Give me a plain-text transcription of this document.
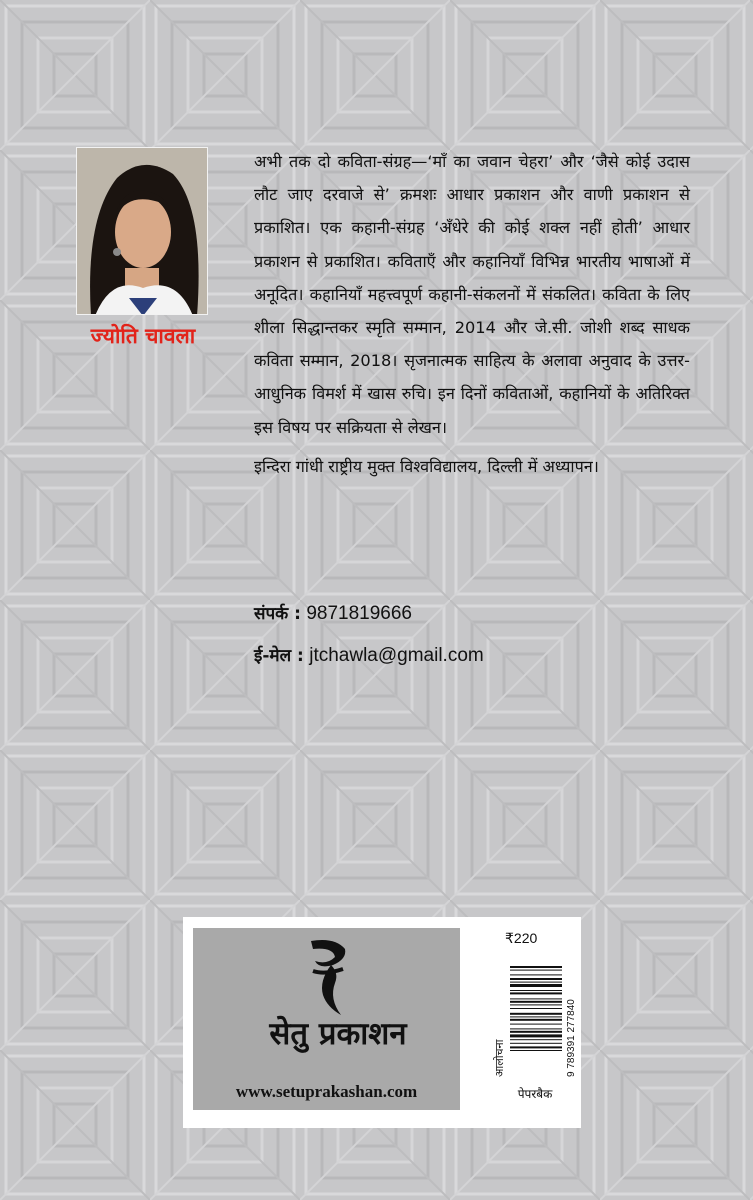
ज्योति चावला

अभी तक दो कविता-संग्रह—‘माँ का जवान चेहरा’ और ‘जैसे कोई उदास लौट जाए दरवाजे से’ क्रमशः आधार प्रकाशन और वाणी प्रकाशन से प्रकाशित। एक कहानी-संग्रह ‘अँधेरे की कोई शक्ल नहीं होती’ आधार प्रकाशन से प्रकाशित। कविताएँ और कहानियाँ विभिन्न भारतीय भाषाओं में अनूदित। कहानियाँ महत्त्वपूर्ण कहानी-संकलनों में संकलित। कविता के लिए शीला सिद्धान्तकर स्मृति सम्मान, 2014 और जे.सी. जोशी शब्द साधक कविता सम्मान, 2018। सृजनात्मक साहित्य के अलावा अनुवाद के उत्तर-आधुनिक विमर्श में खास रुचि। इन दिनों कविताओं, कहानियों के अतिरिक्त इस विषय पर सक्रियता से लेखन।

इन्दिरा गांधी राष्ट्रीय मुक्त विश्वविद्यालय, दिल्ली में अध्यापन।

संपर्क : 9871819666
ई-मेल : jtchawla@gmail.com
सेतु प्रकाशन
www.setuprakashan.com
₹220
आलोचना	9 789391 277840
पेपरबैक
